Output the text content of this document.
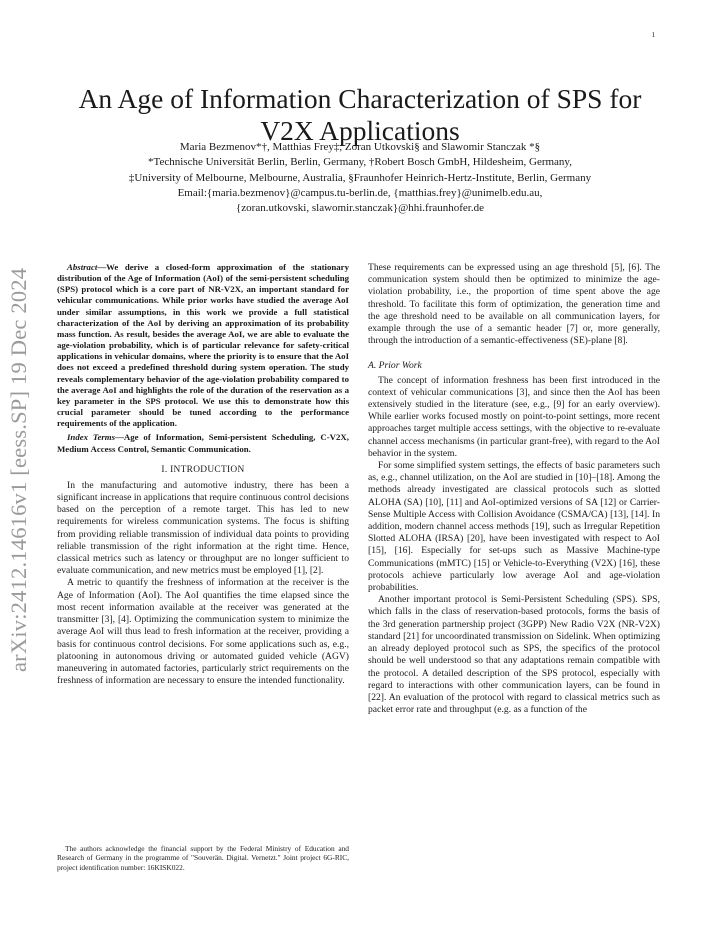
1
arXiv:2412.14616v1 [eess.SP] 19 Dec 2024
An Age of Information Characterization of SPS for V2X Applications
Maria Bezmenov*†, Matthias Frey‡, Zoran Utkovski§ and Slawomir Stanczak *§
*Technische Universität Berlin, Berlin, Germany, †Robert Bosch GmbH, Hildesheim, Germany,
‡University of Melbourne, Melbourne, Australia, §Fraunhofer Heinrich-Hertz-Institute, Berlin, Germany
Email:{maria.bezmenov}@campus.tu-berlin.de, {matthias.frey}@unimelb.edu.au,
{zoran.utkovski, slawomir.stanczak}@hhi.fraunhofer.de

Abstract—We derive a closed-form approximation of the stationary distribution of the Age of Information (AoI) of the semi-persistent scheduling (SPS) protocol which is a core part of NR-V2X, an important standard for vehicular communications. While prior works have studied the average AoI under similar assumptions, in this work we provide a full statistical characterization of the AoI by deriving an approximation of its probability mass function. As result, besides the average AoI, we are able to evaluate the age-violation probability, which is of particular relevance for safety-critical applications in vehicular domains, where the priority is to ensure that the AoI does not exceed a predefined threshold during system operation. The study reveals complementary behavior of the age-violation probability compared to the average AoI and highlights the role of the duration of the reservation as a key parameter in the SPS protocol. We use this to demonstrate how this crucial parameter should be tuned according to the performance requirements of the application.

Index Terms—Age of Information, Semi-persistent Scheduling, C-V2X, Medium Access Control, Semantic Communication.

I. INTRODUCTION

In the manufacturing and automotive industry, there has been a significant increase in applications that require continuous control decisions based on the perception of a remote target. This has led to new requirements for wireless communication systems. The focus is shifting from providing reliable transmission of individual data points to providing reliable transmission of the right information at the right time. Hence, classical metrics such as latency or throughput are no longer sufficient to evaluate communication, and new metrics must be employed [1], [2].

A metric to quantify the freshness of information at the receiver is the Age of Information (AoI). The AoI quantifies the time elapsed since the most recent information available at the receiver was generated at the transmitter [3], [4]. Optimizing the communication system to minimize the average AoI will thus lead to fresh information at the receiver, providing a basis for continuous control decisions. For some applications such as, e.g., platooning in autonomous driving or automated guided vehicle (AGV) maneuvering in automated factories, particularly strict requirements on the freshness of information are necessary to ensure the intended functionality.

These requirements can be expressed using an age threshold [5], [6]. The communication system should then be optimized to minimize the age-violation probability, i.e., the proportion of time spent above the age threshold. To facilitate this form of optimization, the generation time and the age threshold need to be available on all communication layers, for example through the use of a semantic header [7] or, more generally, through the introduction of a semantic-effectiveness (SE)-plane [8].

A. Prior Work

The concept of information freshness has been first introduced in the context of vehicular communications [3], and since then the AoI has been extensively studied in the literature (see, e.g., [9] for an early overview). While earlier works focused mostly on point-to-point settings, more recent approaches target multiple access settings, with the objective to re-evaluate channel access mechanisms (in particular grant-free), with regard to the AoI behavior in the system.

For some simplified system settings, the effects of basic parameters such as, e.g., channel utilization, on the AoI are studied in [10]–[18]. Among the methods already investigated are classical protocols such as slotted ALOHA (SA) [10], [11] and AoI-optimized versions of SA [12] or Carrier-Sense Multiple Access with Collision Avoidance (CSMA/CA) [13], [14]. In addition, modern channel access methods [19], such as Irregular Repetition Slotted ALOHA (IRSA) [20], have been investigated with respect to AoI [15], [16]. Especially for set-ups such as Massive Machine-type Communications (mMTC) [15] or Vehicle-to-Everything (V2X) [16], these protocols achieve particularly low average AoI and age-violation probabilities.

Another important protocol is Semi-Persistent Scheduling (SPS). SPS, which falls in the class of reservation-based protocols, forms the basis of the 3rd generation partnership project (3GPP) New Radio V2X (NR-V2X) standard [21] for uncoordinated transmission on Sidelink. When optimizing an already deployed protocol such as SPS, the specifics of the protocol should be well understood so that any adaptations remain compatible with the protocol. A detailed description of the SPS protocol, especially with regard to interactions with other communication layers, can be found in [22]. An evaluation of the protocol with regard to classical metrics such as packet error rate and throughput (e.g. as a function of the

The authors acknowledge the financial support by the Federal Ministry of Education and Research of Germany in the programme of "Souverän. Digital. Vernetzt." Joint project 6G-RIC, project identification number: 16KISK022.
